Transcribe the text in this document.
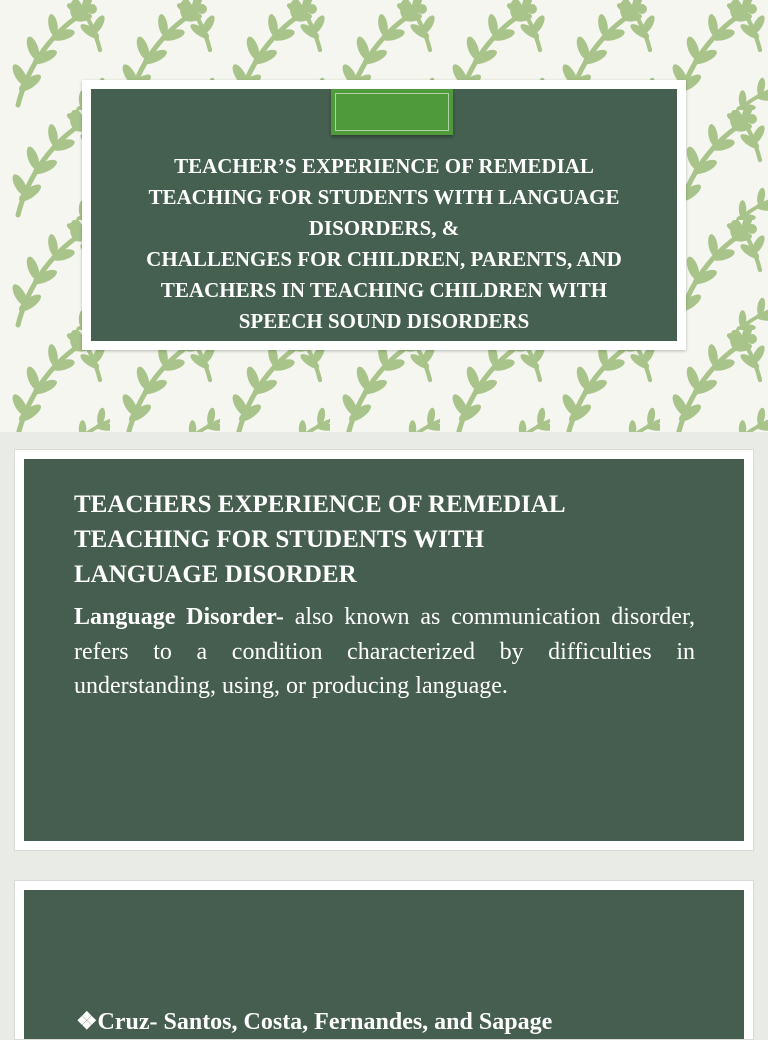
TEACHER’S EXPERIENCE OF REMEDIAL
TEACHING FOR STUDENTS WITH LANGUAGE
DISORDERS, &
CHALLENGES FOR CHILDREN, PARENTS, AND
TEACHERS IN TEACHING CHILDREN WITH
SPEECH SOUND DISORDERS
TEACHERS EXPERIENCE OF REMEDIAL
TEACHING FOR STUDENTS WITH
LANGUAGE DISORDER
Language Disorder- also known as communication disorder, refers to a condition characterized by difficulties in understanding, using, or producing language.
❖Cruz- Santos, Costa, Fernandes, and Sapage
